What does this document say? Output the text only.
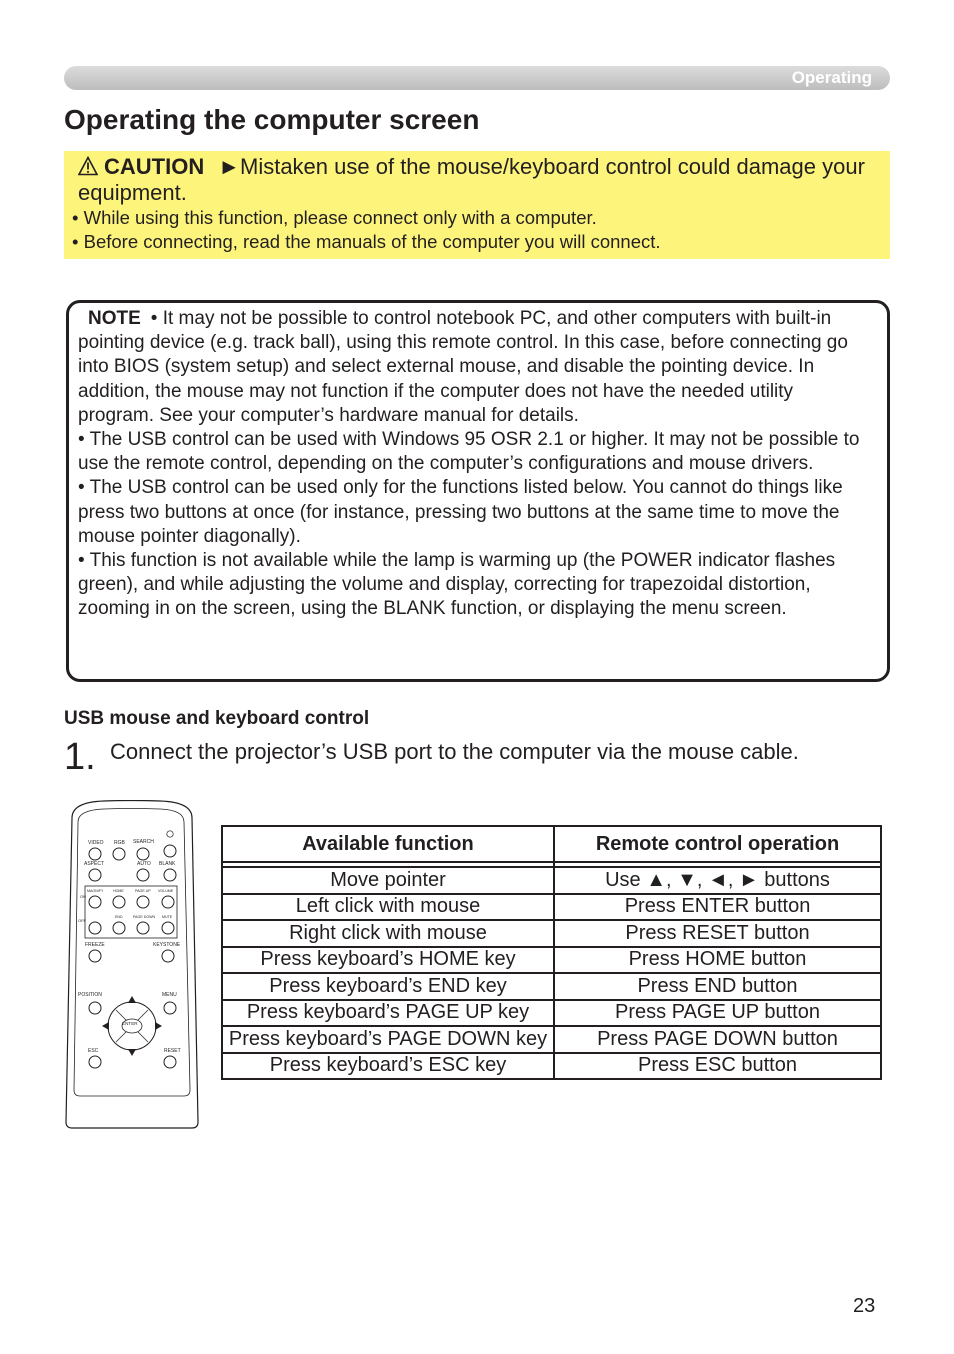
Operating
Operating the computer screen
CAUTION ►Mistaken use of the mouse/keyboard control could damage your equipment.
• While using this function, please connect only with a computer.
• Before connecting, read the manuals of the computer you will connect.

NOTE • It may not be possible to control notebook PC, and other computers with built-in pointing device (e.g. track ball), using this remote control. In this case, before connecting go into BIOS (system setup) and select external mouse, and disable the pointing device. In addition, the mouse may not function if the computer does not have the needed utility program. See your computer’s hardware manual for details.

• The USB control can be used with Windows 95 OSR 2.1 or higher. It may not be possible to use the remote control, depending on the computer’s configurations and mouse drivers.

• The USB control can be used only for the functions listed below. You cannot do things like press two buttons at once (for instance, pressing two buttons at the same time to move the mouse pointer diagonally).

• This function is not available while the lamp is warming up (the POWER indicator flashes green), and while adjusting the volume and display, correcting for trapezoidal distortion, zooming in on the screen, using the BLANK function, or displaying the menu screen.

USB mouse and keyboard control
1. Connect the projector’s USB port to the computer via the mouse cable.
VIDEO RGB SEARCH
ASPECT	AUTO BLANK
MAGNIFY	HOME	PAGE UP VOLUME
ON
OFF
END	PAGE DOWN MUTE
FREEZE	KEYSTONE
POSITION	MENU
ENTER
ESC	RESET
Available function	Remote control operation

Move pointer	Use ▲, ▼, ◄, ► buttons
Left click with mouse	Press ENTER button
Right click with mouse	Press RESET button
Press keyboard’s HOME key	Press HOME button
Press keyboard’s END key	Press END button
Press keyboard’s PAGE UP key	Press PAGE UP button
Press keyboard’s PAGE DOWN key	Press PAGE DOWN button
Press keyboard’s ESC key	Press ESC button
23
